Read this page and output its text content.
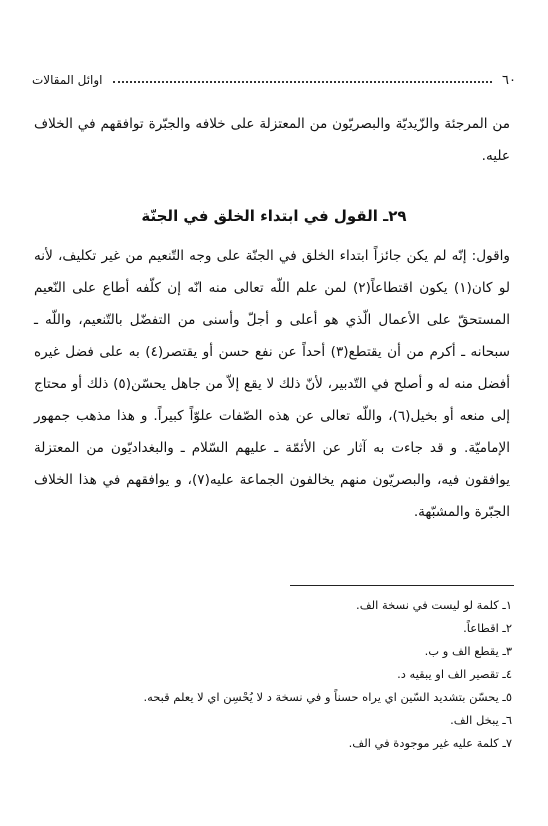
٦٠
اوائل المقالات
من المرجئة والزّيديّة والبصريّون من المعتزلة على خلافه والجبّرة توافقهم في الخلاف عليه.
٢٩ـ القول في ابتداء الخلق في الجنّة
واقول: إنّه لم يكن جائزاً ابتداء الخلق في الجنّة على وجه التّنعيم من غير تكليف، لأنه لو كان(١) يكون اقتطاعاً(٢) لمن علم اللّه تعالى منه انّه إن كلّفه أطاع على النّعيم المستحقّ على الأعمال الّذي هو أعلى و أجلّ وأسنى من التفضّل بالتّنعيم، واللّه ـ سبحانه ـ أكرم من أن يقتطع(٣) أحداً عن نفع حسن أو يقتصر(٤) به على فضل غيره أفضل منه له و أصلح في التّدبير، لأنّ ذلك لا يقع إلاّ من جاهل يحسّن(٥) ذلك أو محتاج إلى منعه أو بخيل(٦)، واللّه تعالى عن هذه الصّفات علوّاً كبيراً. و هذا مذهب جمهور الإماميّة. و قد جاءت به آثار عن الأئمّة ـ عليهم السّلام ـ والبغداديّون من المعتزلة يوافقون فيه، والبصريّون منهم يخالفون الجماعة عليه(٧)، و يوافقهم في هذا الخلاف الجبّرة والمشبّهة.
١ـ كلمة لو ليست في نسخة الف.
٢ـ اقطاعاً.
٣ـ يقطع الف و ب.
٤ـ تقصير الف او يبقيه د.
٥ـ يحسّن بتشديد السّين اي يراه حسناً و في نسخة د لا يُحْسِن اي لا يعلم قبحه.
٦ـ يبخل الف.
٧ـ كلمة عليه غير موجودة في الف.
